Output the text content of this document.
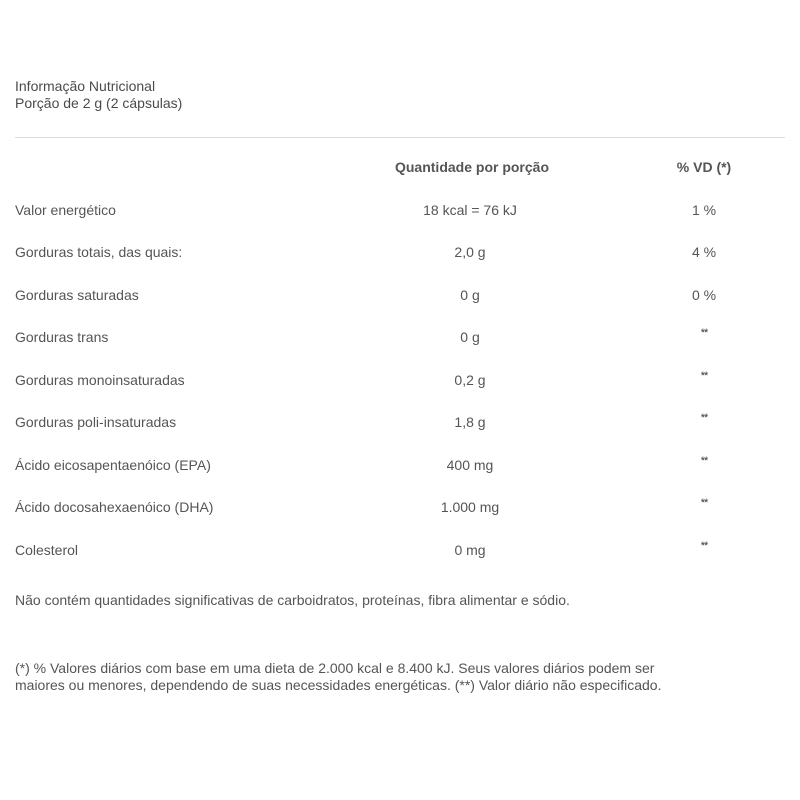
Informação Nutricional
Porção de 2 g (2 cápsulas)
Quantidade por porção	% VD (*)
Valor energético	18 kcal = 76 kJ	1 %
Gorduras totais, das quais:	2,0 g	4 %
Gorduras saturadas	0 g	0 %
Gorduras trans	0 g	**
Gorduras monoinsaturadas	0,2 g	**
Gorduras poli-insaturadas	1,8 g	**
Ácido eicosapentaenóico (EPA)	400 mg	**
Ácido docosahexaenóico (DHA)	1.000 mg	**
Colesterol	0 mg	**
Não contém quantidades significativas de carboidratos, proteínas, fibra alimentar e sódio.
(*) % Valores diários com base em uma dieta de 2.000 kcal e 8.400 kJ. Seus valores diários podem ser
maiores ou menores, dependendo de suas necessidades energéticas. (**) Valor diário não especificado.
